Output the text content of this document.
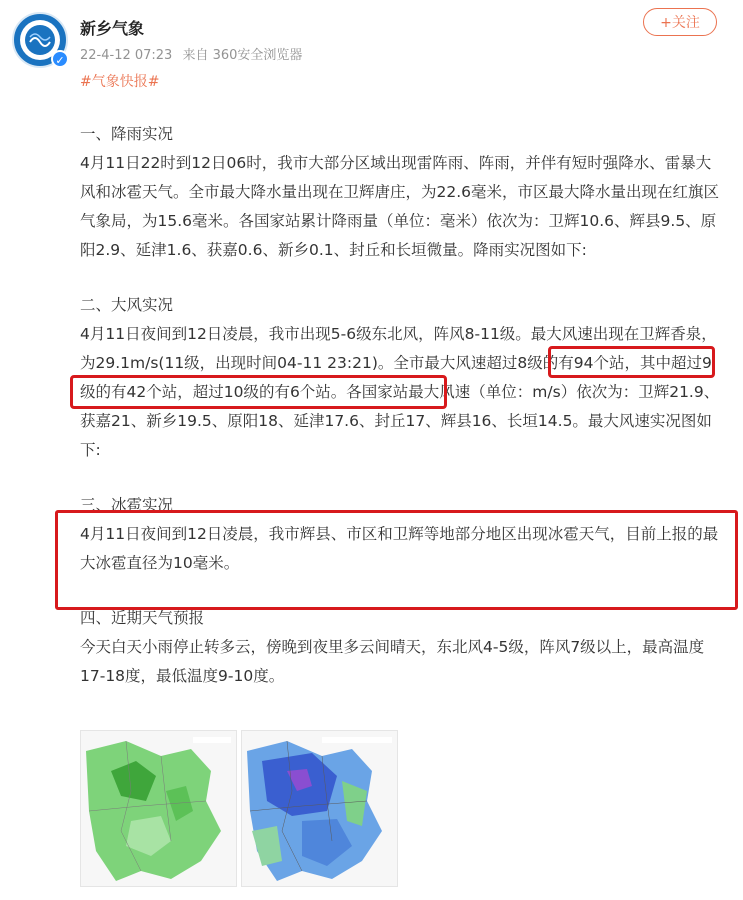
✓
新乡气象
22-4-12 07:23 来自 360安全浏览器
#气象快报#
+关注
一、降雨实况
4月11日22时到12日06时，我市大部分区域出现雷阵雨、阵雨，并伴有短时强降水、雷暴大风和冰雹天气。全市最大降水量出现在卫辉唐庄，为22.6毫米，市区最大降水量出现在红旗区气象局，为15.6毫米。各国家站累计降雨量（单位：毫米）依次为：卫辉10.6、辉县9.5、原阳2.9、延津1.6、获嘉0.6、新乡0.1、封丘和长垣微量。降雨实况图如下:
二、大风实况
4月11日夜间到12日凌晨，我市出现5-6级东北风，阵风8-11级。最大风速出现在卫辉香泉，为29.1m/s(11级，出现时间04-11 23:21)。全市最大风速超过8级的有94个站，其中超过9级的有42个站，超过10级的有6个站。各国家站最大风速（单位：m/s）依次为：卫辉21.9、获嘉21、新乡19.5、原阳18、延津17.6、封丘17、辉县16、长垣14.5。最大风速实况图如下:
三、冰雹实况
4月11日夜间到12日凌晨，我市辉县、市区和卫辉等地部分地区出现冰雹天气，目前上报的最大冰雹直径为10毫米。
四、近期天气预报
今天白天小雨停止转多云，傍晚到夜里多云间晴天，东北风4-5级，阵风7级以上，最高温度17-18度，最低温度9-10度。
